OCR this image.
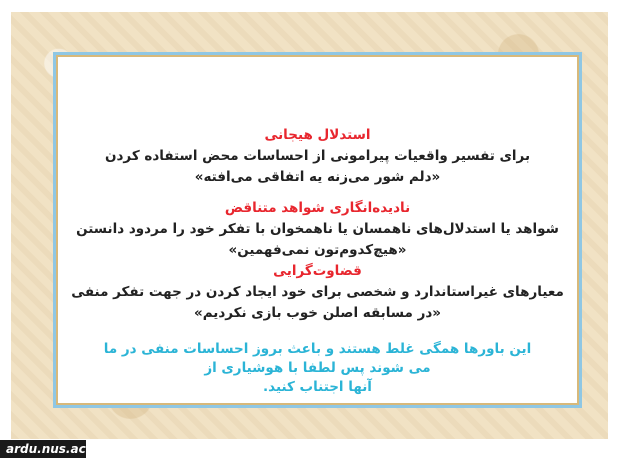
استدلال هیجانی
برای تفسیر واقعیات پیرامونی از احساسات محض استفاده کردن
«دلم شور می‌زنه یه اتفاقی می‌افته»
نادیده‌انگاری شواهد متناقض
شواهد یا استدلال‌های ناهمسان یا ناهمخوان با تفکر خود را مردود دانستن
«هیچ‌کدوم‌تون نمی‌فهمین»
قضاوت‌گرایی
معیارهای غیراستاندارد و شخصی برای خود ایجاد کردن در جهت تفکر منفی
«در مسابقه اصلن خوب بازی نکردیم»
این باورها همگی غلط هستند و باعث بروز احساسات منفی در ما می شوند پس لطفا با هوشیاری از
آنها اجتناب کنید.
ardu.nus.ac.ir
